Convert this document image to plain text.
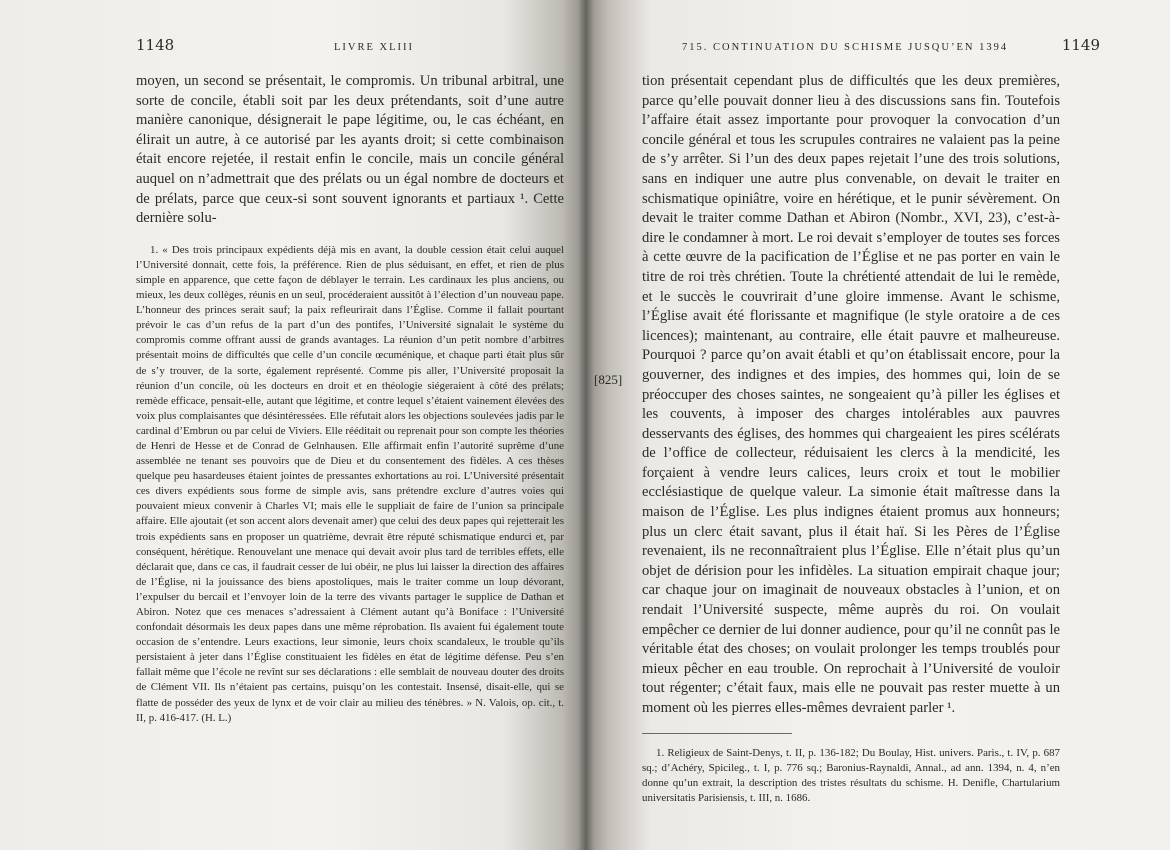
1148	LIVRE XLIII

moyen, un second se présentait, le compromis. Un tribunal arbitral, une sorte de concile, établi soit par les deux prétendants, soit d’une autre manière canonique, désignerait le pape légitime, ou, le cas échéant, en élirait un autre, à ce autorisé par les ayants droit; si cette combinaison était encore rejetée, il restait enfin le concile, mais un concile général auquel on n’admettrait que des prélats ou un égal nombre de docteurs et de prélats, parce que ceux-si sont souvent ignorants et partiaux ¹. Cette dernière solu-

1. « Des trois principaux expédients déjà mis en avant, la double cession était celui auquel l’Université donnait, cette fois, la préférence. Rien de plus séduisant, en effet, et rien de plus simple en apparence, que cette façon de déblayer le terrain. Les cardinaux les plus anciens, ou mieux, les deux collèges, réunis en un seul, procéderaient aussitôt à l’élection d’un nouveau pape. L’honneur des princes serait sauf; la paix refleurirait dans l’Église. Comme il fallait pourtant prévoir le cas d’un refus de la part d’un des pontifes, l’Université signalait le système du compromis comme offrant aussi de grands avantages. La réunion d’un petit nombre d’arbitres présentait moins de difficultés que celle d’un concile œcuménique, et chaque parti était plus sûr de s’y trouver, de la sorte, également représenté. Comme pis aller, l’Université proposait la réunion d’un concile, où les docteurs en droit et en théologie siégeraient à côté des prélats; remède efficace, pensait-elle, autant que légitime, et contre lequel s’étaient vainement élevées des voix plus complaisantes que désintéressées. Elle réfutait alors les objections soulevées jadis par le cardinal d’Embrun ou par celui de Viviers. Elle rééditait ou reprenait pour son compte les théories de Henri de Hesse et de Conrad de Gelnhausen. Elle affirmait enfin l’autorité suprême d’une assemblée ne tenant ses pouvoirs que de Dieu et du consentement des fidèles. A ces thèses quelque peu hasardeuses étaient jointes de pressantes exhortations au roi. L’Université présentait ces divers expédients sous forme de simple avis, sans prétendre exclure d’autres voies qui pouvaient mieux convenir à Charles VI; mais elle le suppliait de faire de l’union sa principale affaire. Elle ajoutait (et son accent alors devenait amer) que celui des deux papes qui rejetterait les trois expédients sans en proposer un quatrième, devrait être réputé schismatique endurci et, par conséquent, hérétique. Renouvelant une menace qui devait avoir plus tard de terribles effets, elle déclarait que, dans ce cas, il faudrait cesser de lui obéir, ne plus lui laisser la direction des affaires de l’Église, ni la jouissance des biens apostoliques, mais le traiter comme un loup dévorant, l’expulser du bercail et l’envoyer loin de la terre des vivants partager le supplice de Dathan et Abiron. Notez que ces menaces s’adressaient à Clément autant qu’à Boniface : l’Université confondait désormais les deux papes dans une même réprobation. Ils avaient fui également toute occasion de s’entendre. Leurs exactions, leur simonie, leurs choix scandaleux, le trouble qu’ils persistaient à jeter dans l’Église constituaient les fidèles en état de légitime défense. Peu s’en fallait même que l’école ne revînt sur ses déclarations : elle semblait de nouveau douter des droits de Clément VII. Ils n’étaient pas certains, puisqu’on les contestait. Insensé, disait-elle, qui se flatte de posséder des yeux de lynx et de voir clair au milieu des ténèbres. » N. Valois, op. cit., t. II, p. 416-417. (H. L.)

715. CONTINUATION DU SCHISME JUSQU’EN 1394	1149
[825]

tion présentait cependant plus de difficultés que les deux premières, parce qu’elle pouvait donner lieu à des discussions sans fin. Toutefois l’affaire était assez importante pour provoquer la convocation d’un concile général et tous les scrupules contraires ne valaient pas la peine de s’y arrêter. Si l’un des deux papes rejetait l’une des trois solutions, sans en indiquer une autre plus convenable, on devait le traiter en schismatique opiniâtre, voire en hérétique, et le punir sévèrement. On devait le traiter comme Dathan et Abiron (Nombr., XVI, 23), c’est-à-dire le condamner à mort. Le roi devait s’employer de toutes ses forces à cette œuvre de la pacification de l’Église et ne pas porter en vain le titre de roi très chrétien. Toute la chrétienté attendait de lui le remède, et le succès le couvrirait d’une gloire immense. Avant le schisme, l’Église avait été florissante et magnifique (le style oratoire a de ces licences); maintenant, au contraire, elle était pauvre et malheureuse. Pourquoi ? parce qu’on avait établi et qu’on établissait encore, pour la gouverner, des indignes et des impies, des hommes qui, loin de se préoccuper des choses saintes, ne songeaient qu’à piller les églises et les couvents, à imposer des charges intolérables aux pauvres desservants des églises, des hommes qui chargeaient les pires scélérats de l’office de collecteur, réduisaient les clercs à la mendicité, les forçaient à vendre leurs calices, leurs croix et tout le mobilier ecclésiastique de quelque valeur. La simonie était maîtresse dans la maison de l’Église. Les plus indignes étaient promus aux honneurs; plus un clerc était savant, plus il était haï. Si les Pères de l’Église revenaient, ils ne reconnaîtraient plus l’Église. Elle n’était plus qu’un objet de dérision pour les infidèles. La situation empirait chaque jour; car chaque jour on imaginait de nouveaux obstacles à l’union, et on rendait l’Université suspecte, même auprès du roi. On voulait empêcher ce dernier de lui donner audience, pour qu’il ne connût pas le véritable état des choses; on voulait prolonger les temps troublés pour mieux pêcher en eau trouble. On reprochait à l’Université de vouloir tout régenter; c’était faux, mais elle ne pouvait pas rester muette à un moment où les pierres elles-mêmes devraient parler ¹.

1. Religieux de Saint-Denys, t. II, p. 136-182; Du Boulay, Hist. univers. Paris., t. IV, p. 687 sq.; d’Achéry, Spicileg., t. I, p. 776 sq.; Baronius-Raynaldi, Annal., ad ann. 1394, n. 4, n’en donne qu’un extrait, la description des tristes résultats du schisme. H. Denifle, Chartularium universitatis Parisiensis, t. III, n. 1686.
